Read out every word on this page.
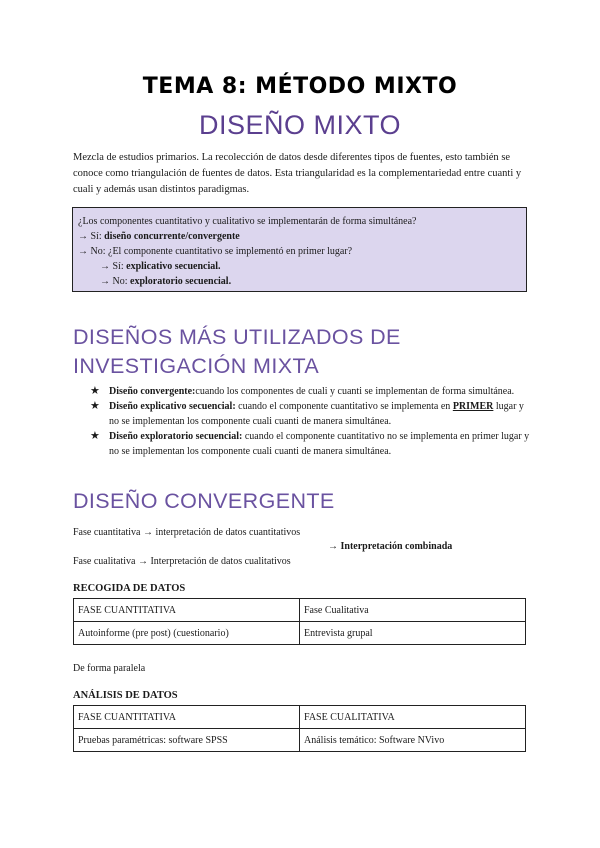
TEMA 8: MÉTODO MIXTO
DISEÑO MIXTO
Mezcla de estudios primarios. La recolección de datos desde diferentes tipos de fuentes, esto también se conoce como triangulación de fuentes de datos. Esta triangularidad es la complementariedad entre cuanti y cuali y además usan distintos paradigmas.
¿Los componentes cuantitativo y cualitativo se implementarán de forma simultánea?
→ Sí: diseño concurrente/convergente
→ No: ¿El componente cuantitativo se implementó en primer lugar?
→ Sí: explicativo secuencial.
→ No: exploratorio secuencial.
DISEÑOS MÁS UTILIZADOS DE
INVESTIGACIÓN MIXTA
★ Diseño convergente:cuando los componentes de cuali y cuanti se implementan de forma simultánea.
★ Diseño explicativo secuencial: cuando el componente cuantitativo se implementa en PRIMER lugar y no se implementan los componente cuali cuanti de manera simultánea.
★ Diseño exploratorio secuencial: cuando el componente cuantitativo no se implementa en primer lugar y no se implementan los componente cuali cuanti de manera simultánea.
DISEÑO CONVERGENTE
Fase cuantitativa → interpretación de datos cuantitativos
→ Interpretación combinada
Fase cualitativa → Interpretación de datos cualitativos
RECOGIDA DE DATOS
FASE CUANTITATIVA	Fase Cualitativa
Autoinforme (pre post) (cuestionario)	Entrevista grupal
De forma paralela
ANÁLISIS DE DATOS
FASE CUANTITATIVA	FASE CUALITATIVA
Pruebas paramétricas: software SPSS	Análisis temático: Software NVivo
